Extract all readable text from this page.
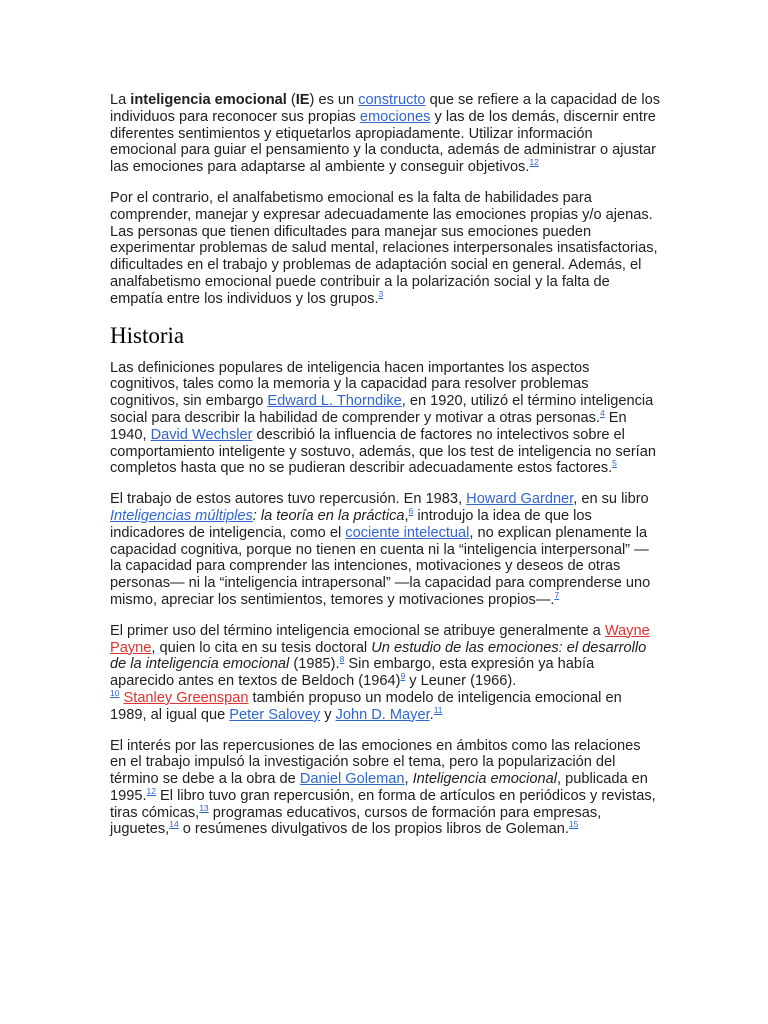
La inteligencia emocional (IE) es un constructo que se refiere a la capacidad de los individuos para reconocer sus propias emociones y las de los demás, discernir entre diferentes sentimientos y etiquetarlos apropiadamente. Utilizar información emocional para guiar el pensamiento y la conducta, además de administrar o ajustar las emociones para adaptarse al ambiente y conseguir objetivos.$^{12}$

Por el contrario, el analfabetismo emocional es la falta de habilidades para comprender, manejar y expresar adecuadamente las emociones propias y/o ajenas. Las personas que tienen dificultades para manejar sus emociones pueden experimentar problemas de salud mental, relaciones interpersonales insatisfactorias, dificultades en el trabajo y problemas de adaptación social en general. Además, el analfabetismo emocional puede contribuir a la polarización social y la falta de empatía entre los individuos y los grupos.$^3$

Historia

Las definiciones populares de inteligencia hacen importantes los aspectos cognitivos, tales como la memoria y la capacidad para resolver problemas cognitivos, sin embargo Edward L. Thorndike, en 1920, utilizó el término inteligencia social para describir la habilidad de comprender y motivar a otras personas.$^4$ En 1940, David Wechsler describió la influencia de factores no intelectivos sobre el comportamiento inteligente y sostuvo, además, que los test de inteligencia no serían completos hasta que no se pudieran describir adecuadamente estos factores.$^5$

El trabajo de estos autores tuvo repercusión. En 1983, Howard Gardner, en su libro Inteligencias múltiples: la teoría en la práctica,$^6$ introdujo la idea de que los indicadores de inteligencia, como el cociente intelectual, no explican plenamente la capacidad cognitiva, porque no tienen en cuenta ni la “inteligencia interpersonal” —la capacidad para comprender las intenciones, motivaciones y deseos de otras personas— ni la “inteligencia intrapersonal” —la capacidad para comprenderse uno mismo, apreciar los sentimientos, temores y motivaciones propios—.$^7$

El primer uso del término inteligencia emocional se atribuye generalmente a Wayne Payne, quien lo cita en su tesis doctoral Un estudio de las emociones: el desarrollo de la inteligencia emocional (1985).$^8$ Sin embargo, esta expresión ya había aparecido antes en textos de Beldoch $(1964)^9$ y Leuner (1966).
$^{10}$ Stanley Greenspan también propuso un modelo de inteligencia emocional en 1989, al igual que Peter Salovey y John D. Mayer.$^{11}$

El interés por las repercusiones de las emociones en ámbitos como las relaciones en el trabajo impulsó la investigación sobre el tema, pero la popularización del término se debe a la obra de Daniel Goleman, Inteligencia emocional, publicada en 1995.12 El libro tuvo gran repercusión, en forma de artículos en periódicos y revistas, tiras cómicas,$^{13}$ programas educativos, cursos de formación para empresas, juguetes,$^{14}$ o resúmenes divulgativos de los propios libros de Goleman.$^{15}$
